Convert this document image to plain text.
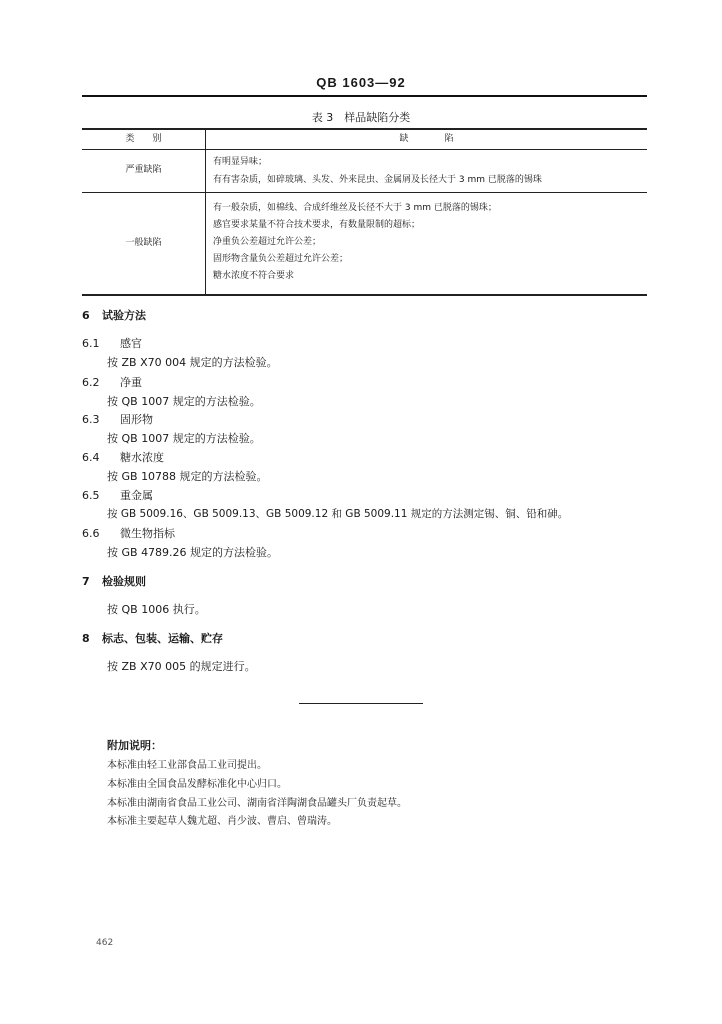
QB 1603—92
表 3　样品缺陷分类
类　　别	缺　　　　陷
严重缺陷
有明显异味；
有有害杂质，如碎玻璃、头发、外来昆虫、金属屑及长径大于 3 mm 已脱落的锡珠
一般缺陷
有一般杂质，如棉线、合成纤维丝及长径不大于 3 mm 已脱落的锡珠；
感官要求某量不符合技术要求，有数量限制的超标；
净重负公差超过允许公差；
固形物含量负公差超过允许公差；
糖水浓度不符合要求
6 试验方法
6.1 感官
按 ZB X70 004 规定的方法检验。
6.2 净重
按 QB 1007 规定的方法检验。
6.3 固形物
按 QB 1007 规定的方法检验。
6.4 糖水浓度
按 GB 10788 规定的方法检验。
6.5 重金属
按 GB 5009.16、GB 5009.13、GB 5009.12 和 GB 5009.11 规定的方法测定锡、铜、铅和砷。
6.6 微生物指标
按 GB 4789.26 规定的方法检验。
7 检验规则
按 QB 1006 执行。
8 标志、包装、运输、贮存
按 ZB X70 005 的规定进行。
附加说明：
本标准由轻工业部食品工业司提出。
本标准由全国食品发酵标准化中心归口。
本标准由湖南省食品工业公司、湖南省洋陶湖食品罐头厂负责起草。
本标准主要起草人魏尤超、肖少波、曹启、曾瑞涛。
462
